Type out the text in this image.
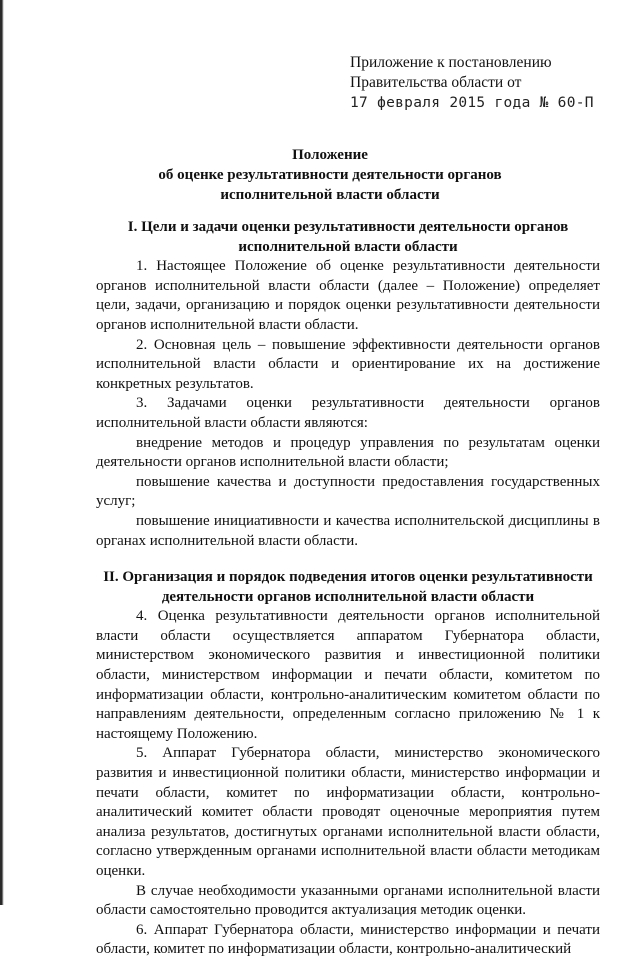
Приложение к постановлению
Правительства области от
17 февраля 2015 года № 60-П
Положение
об оценке результативности деятельности органов
исполнительной власти области
I. Цели и задачи оценки результативности деятельности органов
исполнительной власти области

1. Настоящее Положение об оценке результативности деятельности органов исполнительной власти области (далее – Положение) определяет цели, задачи, организацию и порядок оценки результативности деятельности органов исполнительной власти области.

2. Основная цель – повышение эффективности деятельности органов исполнительной власти области и ориентирование их на достижение конкретных результатов.

3. Задачами оценки результативности деятельности органов исполнительной власти области являются:

внедрение методов и процедур управления по результатам оценки деятельности органов исполнительной власти области;

повышение качества и доступности предоставления государственных услуг;

повышение инициативности и качества исполнительской дисциплины в органах исполнительной власти области.

II. Организация и порядок подведения итогов оценки результативности
деятельности органов исполнительной власти области

4. Оценка результативности деятельности органов исполнительной власти области осуществляется аппаратом Губернатора области, министерством экономического развития и инвестиционной политики области, министерством информации и печати области, комитетом по информатизации области, контрольно-аналитическим комитетом области по направлениям деятельности, определенным согласно приложению № 1 к настоящему Положению.

5. Аппарат Губернатора области, министерство экономического развития и инвестиционной политики области, министерство информации и печати области, комитет по информатизации области, контрольно-аналитический комитет области проводят оценочные мероприятия путем анализа результатов, достигнутых органами исполнительной власти области, согласно утвержденным органами исполнительной власти области методикам оценки.

В случае необходимости указанными органами исполнительной власти области самостоятельно проводится актуализация методик оценки.

6. Аппарат Губернатора области, министерство информации и печати области, комитет по информатизации области, контрольно-аналитический
